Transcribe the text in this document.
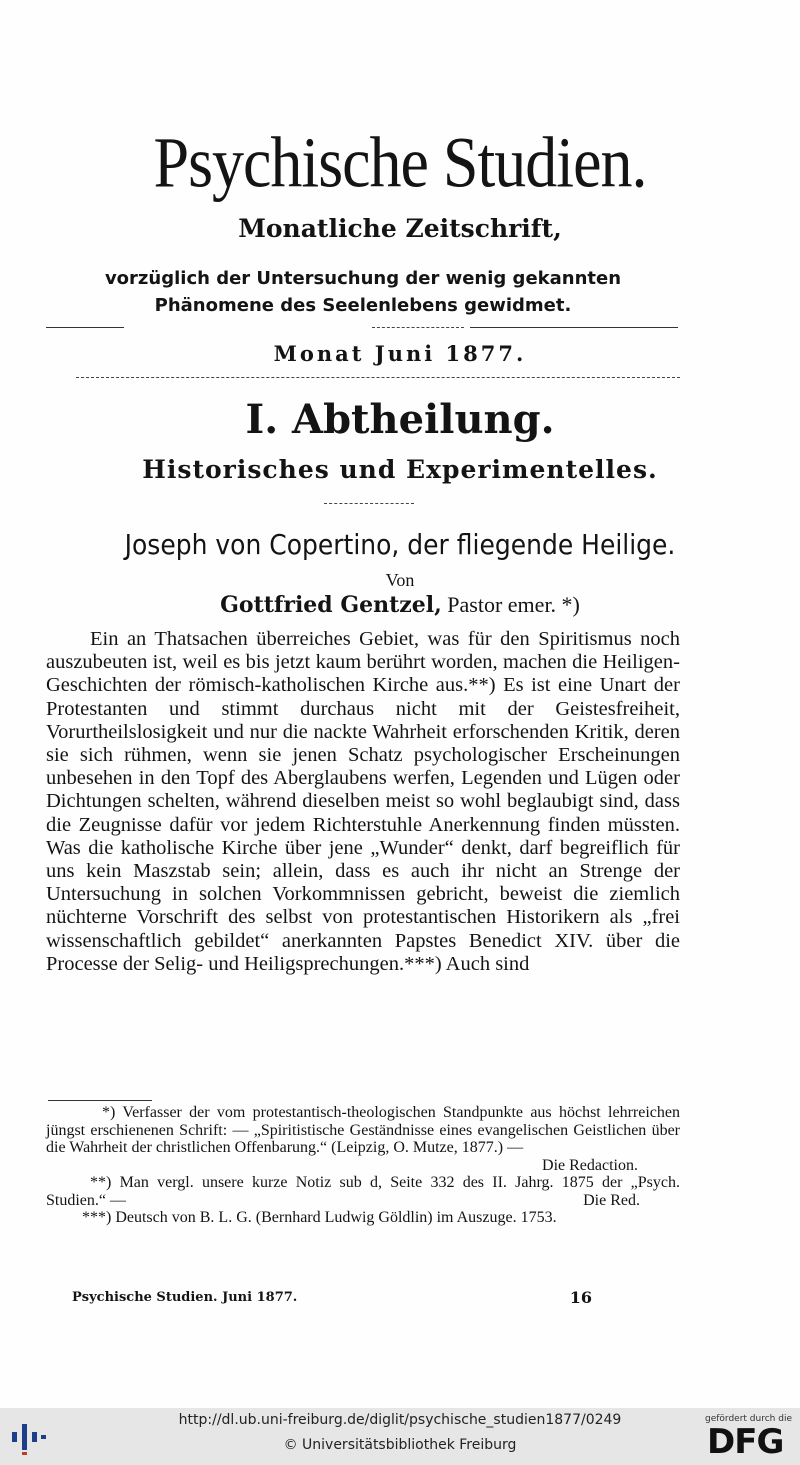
Psychische Studien.
Monatliche Zeitschrift,
vorzüglich der Untersuchung der wenig gekannten Phänomene des Seelenlebens gewidmet.
Monat Juni 1877.
I. Abtheilung.
Historisches und Experimentelles.
Joseph von Copertino, der fliegende Heilige.
Von
Gottfried Gentzel, Pastor emer. *)

Ein an Thatsachen überreiches Gebiet, was für den Spiritismus noch auszubeuten ist, weil es bis jetzt kaum berührt worden, machen die Heiligen-Geschichten der römisch-katholischen Kirche aus.**) Es ist eine Unart der Protestanten und stimmt durchaus nicht mit der Geistesfreiheit, Vorurtheilslosigkeit und nur die nackte Wahrheit erforschenden Kritik, deren sie sich rühmen, wenn sie jenen Schatz psychologischer Erscheinungen unbesehen in den Topf des Aberglaubens werfen, Legenden und Lügen oder Dichtungen schelten, während dieselben meist so wohl beglaubigt sind, dass die Zeugnisse dafür vor jedem Richterstuhle Anerkennung finden müssten. Was die katholische Kirche über jene „Wunder“ denkt, darf begreiflich für uns kein Maszstab sein; allein, dass es auch ihr nicht an Strenge der Untersuchung in solchen Vorkommnissen gebricht, beweist die ziemlich nüchterne Vorschrift des selbst von protestantischen Historikern als „frei wissenschaftlich gebildet“ anerkannten Papstes Benedict XIV. über die Processe der Selig- und Heiligsprechungen.***) Auch sind

*) Verfasser der vom protestantisch-theologischen Standpunkte aus höchst lehrreichen jüngst erschienenen Schrift: — „Spiritistische Geständnisse eines evangelischen Geistlichen über die Wahrheit der christlichen Offenbarung.“ (Leipzig, O. Mutze, 1877.) —
Die Redaction.
**) Man vergl. unsere kurze Notiz sub d, Seite 332 des II. Jahrg. 1875 der „Psych. Studien.“ —	Die Red.
***) Deutsch von B. L. G. (Bernhard Ludwig Göldlin) im Auszuge. 1753.
Psychische Studien. Juni 1877.	16
http://dl.ub.uni-freiburg.de/diglit/psychische_studien1877/0249
© Universitätsbibliothek Freiburg
gefördert durch die
DFG
